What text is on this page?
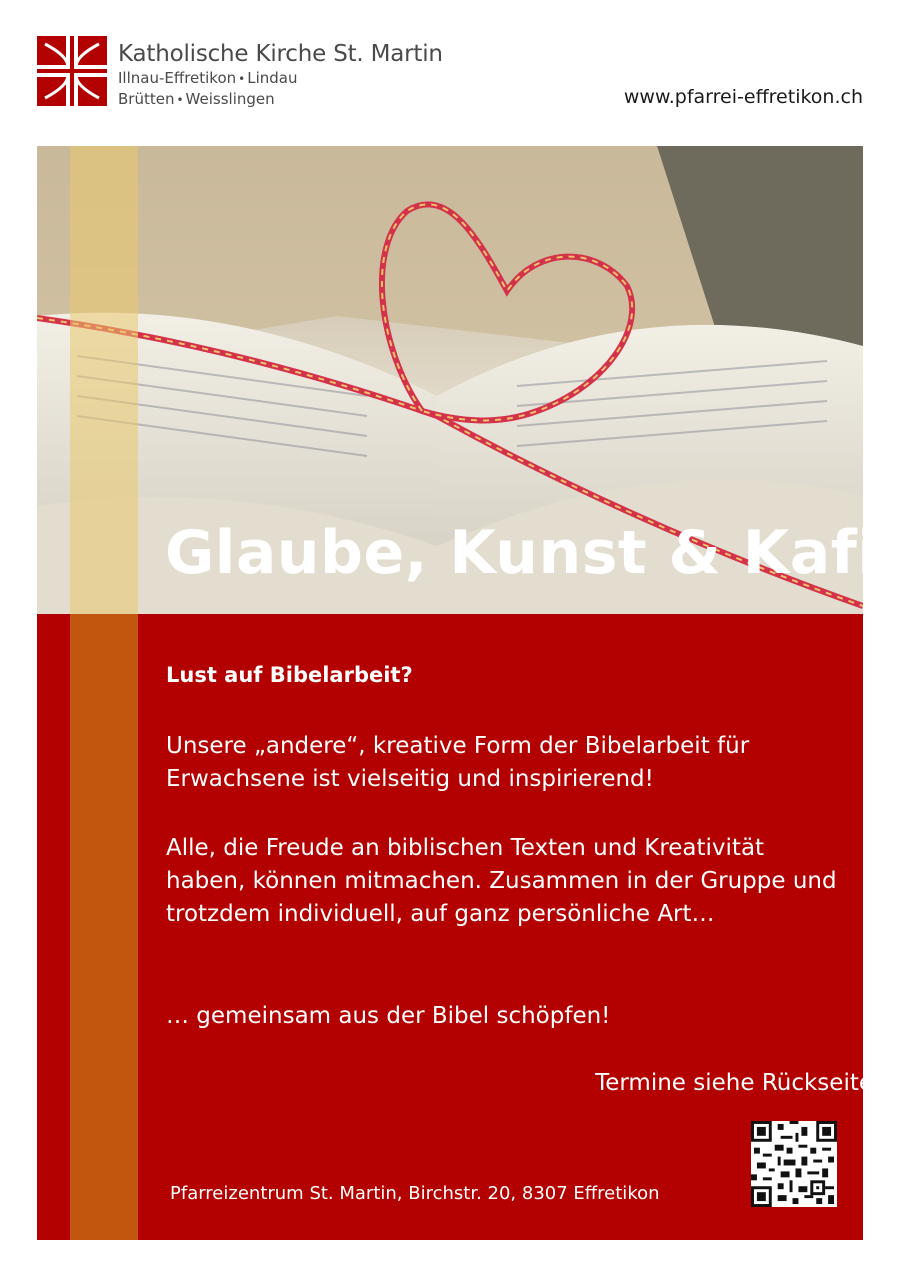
Katholische Kirche St. Martin
Illnau-Effretikon • Lindau
Brütten • Weisslingen	www.pfarrei-effretikon.ch
Glaube, Kunst & Kafi

Lust auf Bibelarbeit?

Unsere „andere“, kreative Form der Bibelarbeit für Erwachsene ist vielseitig und inspirierend!

Alle, die Freude an biblischen Texten und Kreativität haben, können mitmachen. Zusammen in der Gruppe und trotzdem individuell, auf ganz persönliche Art…

… gemeinsam aus der Bibel schöpfen!

Termine siehe Rückseite
Pfarreizentrum St. Martin, Birchstr. 20, 8307 Effretikon
